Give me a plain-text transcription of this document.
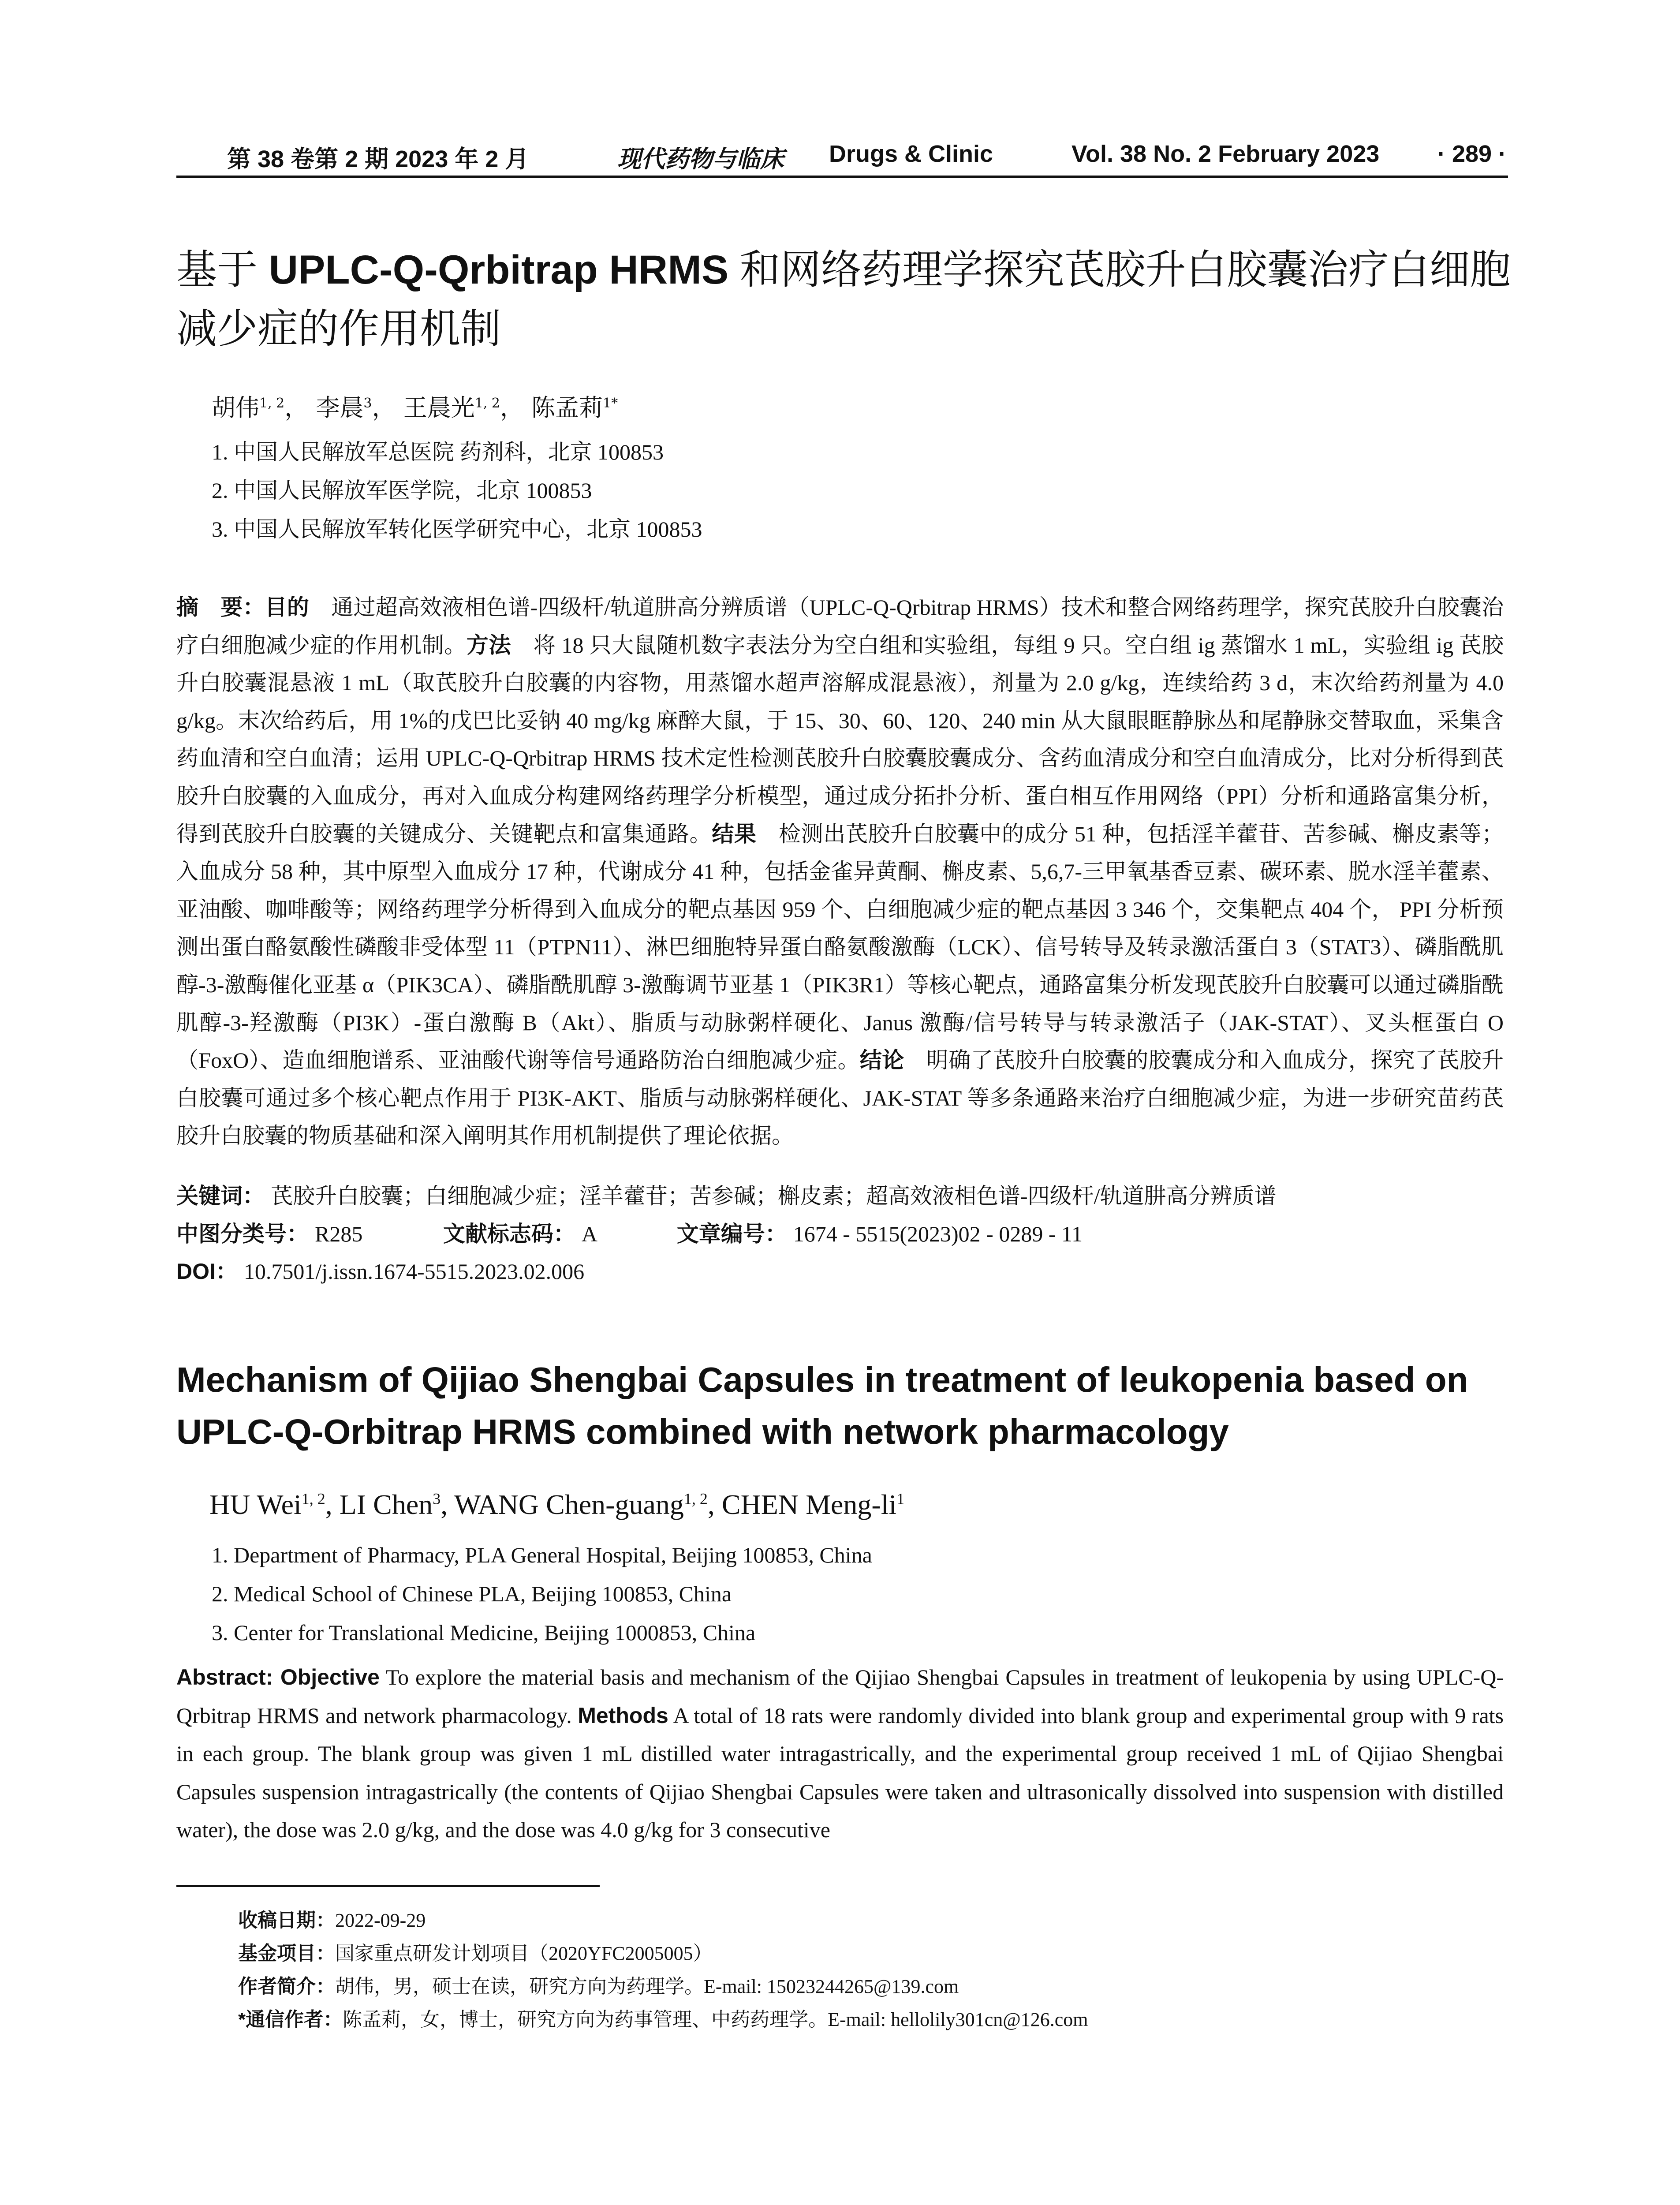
第 38 卷第 2 期 2023 年 2 月	现代药物与临床 Drugs & Clinic	Vol. 38 No. 2 February 2023 · 289 ·
基于 UPLC-Q-Qrbitrap HRMS 和网络药理学探究芪胶升白胶囊治疗白细胞减少症的作用机制
胡伟$^{1, 2}$， 李晨$^3$， 王晨光$^{1, 2}$， 陈孟莉$^{1*}$
1. 中国人民解放军总医院 药剂科，北京 100853
2. 中国人民解放军医学院，北京 100853
3. 中国人民解放军转化医学研究中心，北京 100853
摘　要：目的　通过超高效液相色谱-四级杆/轨道肼高分辨质谱（UPLC-Q-Qrbitrap HRMS）技术和整合网络药理学，探究芪胶升白胶囊治疗白细胞减少症的作用机制。方法　将 18 只大鼠随机数字表法分为空白组和实验组，每组 9 只。空白组 ig 蒸馏水 1 mL，实验组 ig 芪胶升白胶囊混悬液 1 mL（取芪胶升白胶囊的内容物，用蒸馏水超声溶解成混悬液），剂量为 2.0 g/kg，连续给药 3 d，末次给药剂量为 4.0 g/kg。末次给药后，用 1%的戊巴比妥钠 40 mg/kg 麻醉大鼠，于 15、30、60、120、240 min 从大鼠眼眶静脉丛和尾静脉交替取血，采集含药血清和空白血清；运用 UPLC-Q-Qrbitrap HRMS 技术定性检测芪胶升白胶囊胶囊成分、含药血清成分和空白血清成分，比对分析得到芪胶升白胶囊的入血成分，再对入血成分构建网络药理学分析模型，通过成分拓扑分析、蛋白相互作用网络（PPI）分析和通路富集分析，得到芪胶升白胶囊的关键成分、关键靶点和富集通路。结果　检测出芪胶升白胶囊中的成分 51 种，包括淫羊藿苷、苦参碱、槲皮素等；入血成分 58 种，其中原型入血成分 17 种，代谢成分 41 种，包括金雀异黄酮、槲皮素、5,6,7-三甲氧基香豆素、碳环素、脱水淫羊藿素、亚油酸、咖啡酸等；网络药理学分析得到入血成分的靶点基因 959 个、白细胞减少症的靶点基因 3 346 个，交集靶点 404 个， PPI 分析预测出蛋白酪氨酸性磷酸非受体型 11（PTPN11）、淋巴细胞特异蛋白酪氨酸激酶（LCK）、信号转导及转录激活蛋白 3（STAT3）、磷脂酰肌醇-3-激酶催化亚基 α（PIK3CA）、磷脂酰肌醇 3-激酶调节亚基 1（PIK3R1）等核心靶点，通路富集分析发现芪胶升白胶囊可以通过磷脂酰肌醇-3-羟激酶（PI3K）-蛋白激酶 B（Akt）、脂质与动脉粥样硬化、Janus 激酶/信号转导与转录激活子（JAK-STAT）、叉头框蛋白 O（FoxO）、造血细胞谱系、亚油酸代谢等信号通路防治白细胞减少症。结论　明确了芪胶升白胶囊的胶囊成分和入血成分，探究了芪胶升白胶囊可通过多个核心靶点作用于 PI3K-AKT、脂质与动脉粥样硬化、JAK-STAT 等多条通路来治疗白细胞减少症，为进一步研究苗药芪胶升白胶囊的物质基础和深入阐明其作用机制提供了理论依据。
关键词： 芪胶升白胶囊；白细胞减少症；淫羊藿苷；苦参碱；槲皮素；超高效液相色谱-四级杆/轨道肼高分辨质谱
中图分类号： R285	文献标志码： A	文章编号： 1674 - 5515(2023)02 - 0289 - 11
DOI： 10.7501/j.issn.1674-5515.2023.02.006
Mechanism of Qijiao Shengbai Capsules in treatment of leukopenia based on UPLC-Q-Orbitrap HRMS combined with network pharmacology
HU Wei$^{1, 2}$, LI Chen$^3$, WANG Chen-guang$^{1, 2}$, CHEN Meng-$li^1$
1. Department of Pharmacy, PLA General Hospital, Beijing 100853, China
2. Medical School of Chinese PLA, Beijing 100853, China
3. Center for Translational Medicine, Beijing 1000853, China
Abstract: Objective To explore the material basis and mechanism of the Qijiao Shengbai Capsules in treatment of leukopenia by using UPLC-Q-Qrbitrap HRMS and network pharmacology. Methods A total of 18 rats were randomly divided into blank group and experimental group with 9 rats in each group. The blank group was given 1 mL distilled water intragastrically, and the experimental group received 1 mL of Qijiao Shengbai Capsules suspension intragastrically (the contents of Qijiao Shengbai Capsules were taken and ultrasonically dissolved into suspension with distilled water), the dose was 2.0 g/kg, and the dose was 4.0 g/kg for 3 consecutive
收稿日期：2022-09-29
基金项目：国家重点研发计划项目（2020YFC2005005）
作者简介：胡伟，男，硕士在读，研究方向为药理学。E-mail: 15023244265@139.com
*通信作者：陈孟莉，女，博士，研究方向为药事管理、中药药理学。E-mail: hellolily301cn@126.com
